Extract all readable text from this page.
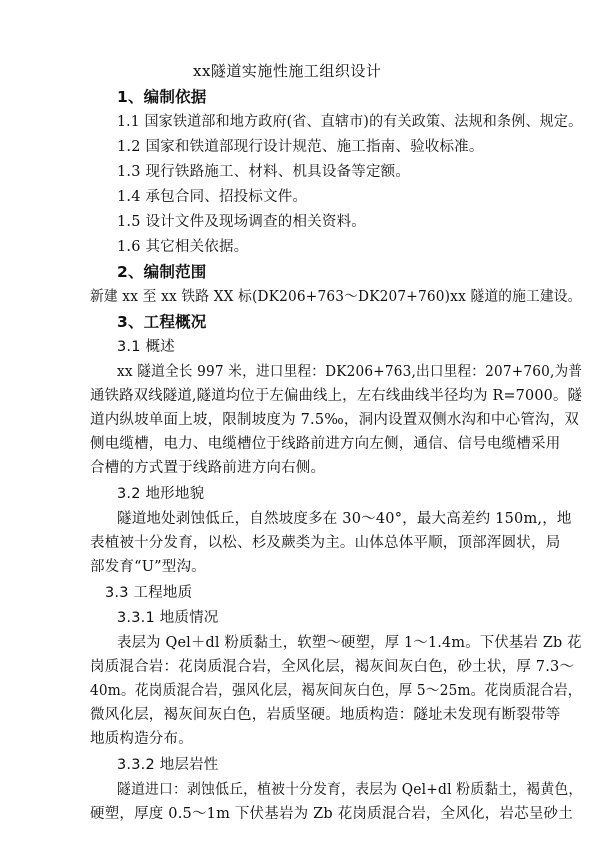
xx隧道实施性施工组织设计
1、编制依据
1.1 国家铁道部和地方政府(省、直辖市)的有关政策、法规和条例、规定。
1.2 国家和铁道部现行设计规范、施工指南、验收标准。
1.3 现行铁路施工、材料、机具设备等定额。
1.4 承包合同、招投标文件。
1.5 设计文件及现场调查的相关资料。
1.6 其它相关依据。
2、编制范围
新建 xx 至 xx 铁路 XX 标(DK206+763～DK207+760)xx 隧道的施工建设。
3、工程概况
3.1 概述
xx 隧道全长 997 米，进口里程：DK206+763,出口里程：207+760,为普
通铁路双线隧道,隧道均位于左偏曲线上，左右线曲线半径均为 R=7000。隧
道内纵坡单面上坡，限制坡度为 7.5‰，洞内设置双侧水沟和中心管沟，双
侧电缆槽，电力、电缆槽位于线路前进方向左侧，通信、信号电缆槽采用
合槽的方式置于线路前进方向右侧。
3.2 地形地貌
隧道地处剥蚀低丘，自然坡度多在 30～40°，最大高差约 150m,，地
表植被十分发育，以松、杉及蕨类为主。山体总体平顺，顶部浑圆状，局
部发育“U”型沟。
3.3 工程地质
3.3.1 地质情况
表层为 Qel＋dl 粉质黏土，软塑～硬塑，厚 1～1.4m。下伏基岩 Zb 花
岗质混合岩：花岗质混合岩，全风化层，褐灰间灰白色，砂土状，厚 7.3～
40m。花岗质混合岩，强风化层，褐灰间灰白色，厚 5～25m。花岗质混合岩，
微风化层，褐灰间灰白色，岩质坚硬。地质构造：隧址未发现有断裂带等
地质构造分布。
3.3.2 地层岩性
隧道进口：剥蚀低丘，植被十分发育，表层为 Qel+dl 粉质黏土，褐黄色，
硬塑，厚度 0.5～1m 下伏基岩为 Zb 花岗质混合岩，全风化，岩芯呈砂土
